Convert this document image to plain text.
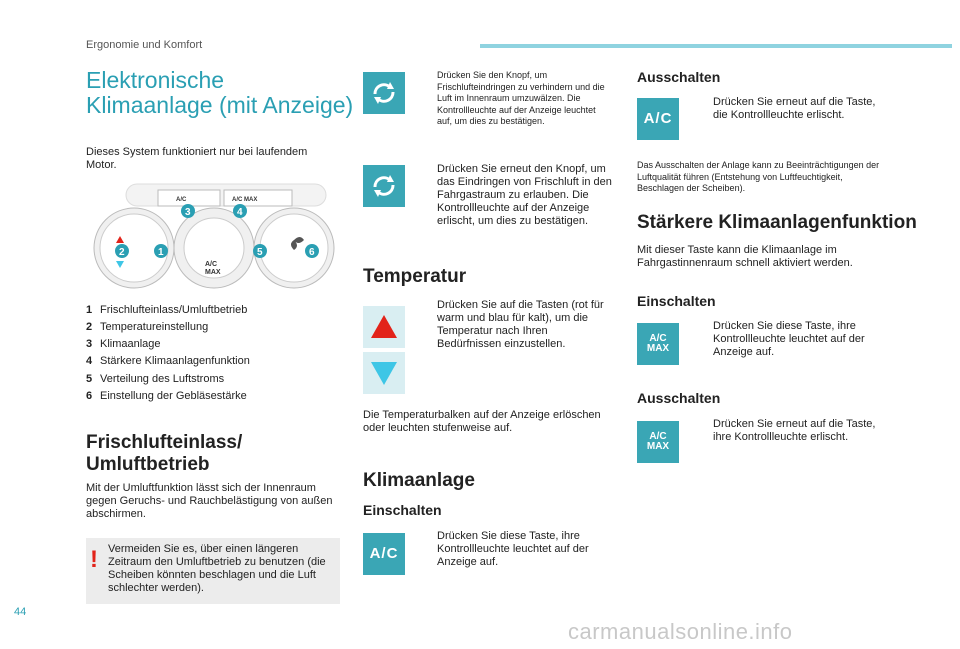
Ergonomie und Komfort
Elektronische
Klimaanlage (mit Anzeige)
Dieses System funktioniert nur bei laufendem Motor.
A/C	A/C MAX
A/C
MAX
3	4
2	1	5	6
1 Frischlufteinlass/Umluftbetrieb
2 Temperatureinstellung
3 Klimaanlage
4 Stärkere Klimaanlagenfunktion
5 Verteilung des Luftstroms
6 Einstellung der Gebläsestärke
Frischlufteinlass/
Umluftbetrieb
Mit der Umluftfunktion lässt sich der Innenraum gegen Geruchs- und Rauchbelästigung von außen abschirmen.
! Vermeiden Sie es, über einen längeren Zeitraum den Umluftbetrieb zu benutzen (die Scheiben könnten beschlagen und die Luft schlechter werden).
Drücken Sie den Knopf, um Frischlufteindringen zu verhindern und die Luft im Innenraum umzuwälzen. Die Kontrollleuchte auf der Anzeige leuchtet auf, um dies zu bestätigen.
Drücken Sie erneut den Knopf, um das Eindringen von Frischluft in den Fahrgastraum zu erlauben. Die Kontrollleuchte auf der Anzeige erlischt, um dies zu bestätigen.
Temperatur
Drücken Sie auf die Tasten (rot für warm und blau für kalt), um die Temperatur nach Ihren Bedürfnissen einzustellen.
Die Temperaturbalken auf der Anzeige erlöschen oder leuchten stufenweise auf.
Klimaanlage
Einschalten
A/C
Drücken Sie diese Taste, ihre Kontrollleuchte leuchtet auf der Anzeige auf.
Ausschalten
A/C
Drücken Sie erneut auf die Taste, die Kontrollleuchte erlischt.
Das Ausschalten der Anlage kann zu Beeinträchtigungen der Luftqualität führen (Entstehung von Luftfeuchtigkeit, Beschlagen der Scheiben).
Stärkere Klimaanlagenfunktion
Mit dieser Taste kann die Klimaanlage im Fahrgastinnenraum schnell aktiviert werden.
Einschalten
A/C
MAX
Drücken Sie diese Taste, ihre Kontrollleuchte leuchtet auf der Anzeige auf.
Ausschalten
A/C
MAX
Drücken Sie erneut auf die Taste, ihre Kontrollleuchte erlischt.
44
carmanualsonline.info
